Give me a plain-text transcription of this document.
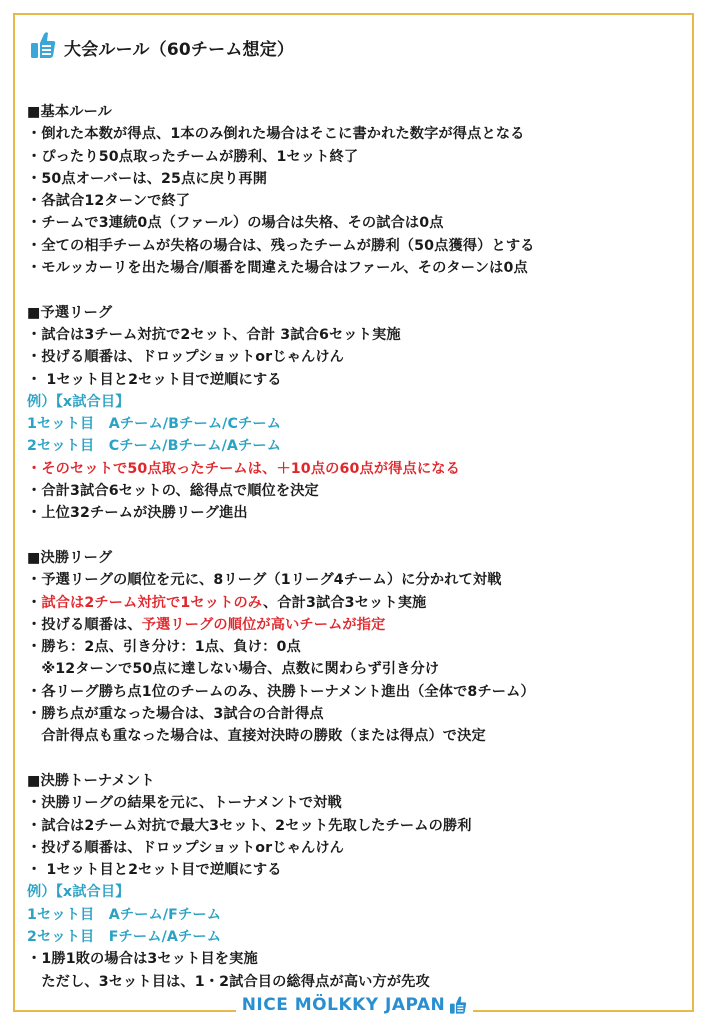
大会ルール（60チーム想定）
■基本ルール
・倒れた本数が得点、1本のみ倒れた場合はそこに書かれた数字が得点となる
・ぴったり50点取ったチームが勝利、1セット終了
・50点オーバーは、25点に戻り再開
・各試合12ターンで終了
・チームで3連続0点（ファール）の場合は失格、その試合は0点
・全ての相手チームが失格の場合は、残ったチームが勝利（50点獲得）とする
・モルッカーリを出た場合/順番を間違えた場合はファール、そのターンは0点
■予選リーグ
・試合は3チーム対抗で2セット、合計 3試合6セット実施
・投げる順番は、ドロップショットorじゃんけん
・ 1セット目と2セット目で逆順にする
例）【x試合目】
1セット目　Aチーム/Bチーム/Cチーム
2セット目　Cチーム/Bチーム/Aチーム
・そのセットで50点取ったチームは、＋10点の60点が得点になる
・合計3試合6セットの、総得点で順位を決定
・上位32チームが決勝リーグ進出
■決勝リーグ
・予選リーグの順位を元に、8リーグ（1リーグ4チーム）に分かれて対戦
・試合は2チーム対抗で1セットのみ、合計3試合3セット実施
・投げる順番は、予選リーグの順位が高いチームが指定
・勝ち：2点、引き分け：1点、負け：0点
　※12ターンで50点に達しない場合、点数に関わらず引き分け
・各リーグ勝ち点1位のチームのみ、決勝トーナメント進出（全体で8チーム）
・勝ち点が重なった場合は、3試合の合計得点
　合計得点も重なった場合は、直接対決時の勝敗（または得点）で決定
■決勝トーナメント
・決勝リーグの結果を元に、トーナメントで対戦
・試合は2チーム対抗で最大3セット、2セット先取したチームの勝利
・投げる順番は、ドロップショットorじゃんけん
・ 1セット目と2セット目で逆順にする
例）【x試合目】
1セット目　Aチーム/Fチーム
2セット目　Fチーム/Aチーム
・1勝1敗の場合は3セット目を実施
　ただし、3セット目は、1・2試合目の総得点が高い方が先攻
NICE MÖLKKY JAPAN
